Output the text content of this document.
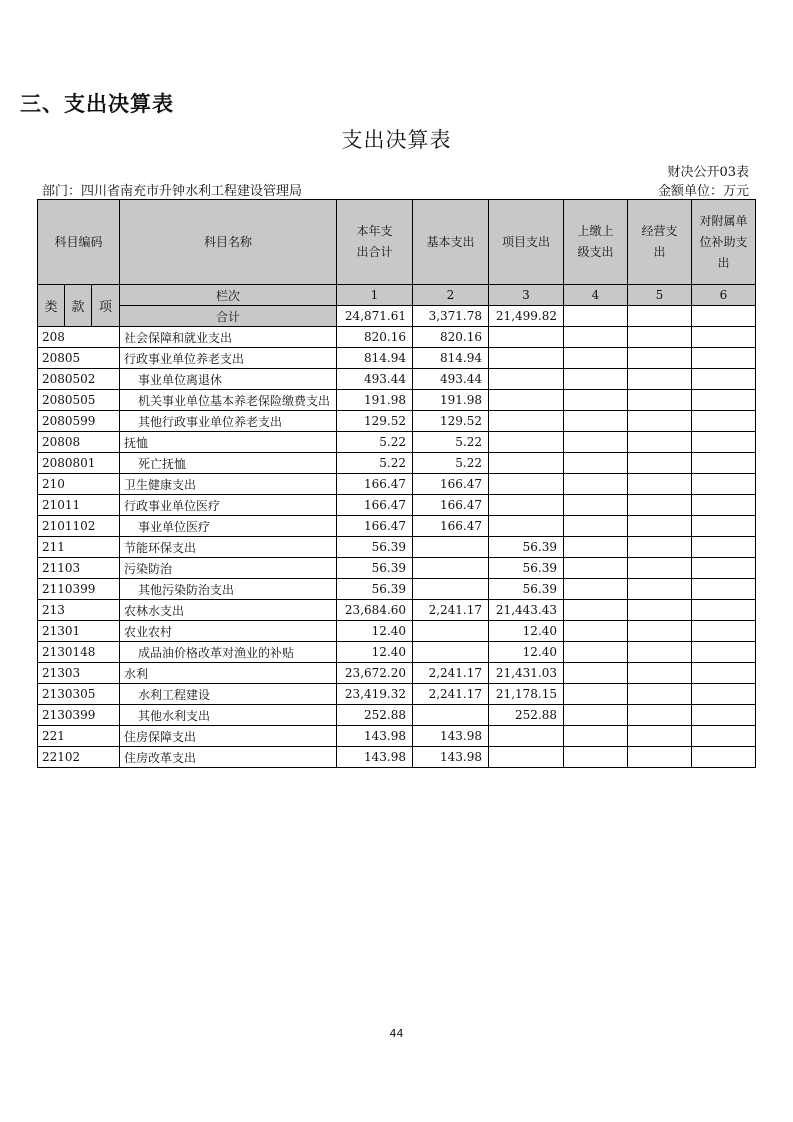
三、支出决算表
支出决算表
财决公开03表
部门：四川省南充市升钟水利工程建设管理局	金额单位：万元
科目编码			科目名称	本年支出合计	基本支出	项目支出	上缴上级支出	经营支出	对附属单位补助支出
类	款	项	栏次	1	2	3	4	5	6
			合计	24,871.61	3,371.78	21,499.82			
208			社会保障和就业支出	820.16	820.16				
20805			行政事业单位养老支出	814.94	814.94				
2080502			事业单位离退休	493.44	493.44				
2080505			机关事业单位基本养老保险缴费支出	191.98	191.98				
2080599			其他行政事业单位养老支出	129.52	129.52				
20808			抚恤	5.22	5.22				
2080801			死亡抚恤	5.22	5.22				
210			卫生健康支出	166.47	166.47				
21011			行政事业单位医疗	166.47	166.47				
2101102			事业单位医疗	166.47	166.47				
211			节能环保支出	56.39		56.39			
21103			污染防治	56.39		56.39			
2110399			其他污染防治支出	56.39		56.39			
213			农林水支出	23,684.60	2,241.17	21,443.43			
21301			农业农村	12.40		12.40			
2130148			成品油价格改革对渔业的补贴	12.40		12.40			
21303			水利	23,672.20	2,241.17	21,431.03			
2130305			水利工程建设	23,419.32	2,241.17	21,178.15			
2130399			其他水利支出	252.88		252.88			
221			住房保障支出	143.98	143.98				
22102			住房改革支出	143.98	143.98				
44
